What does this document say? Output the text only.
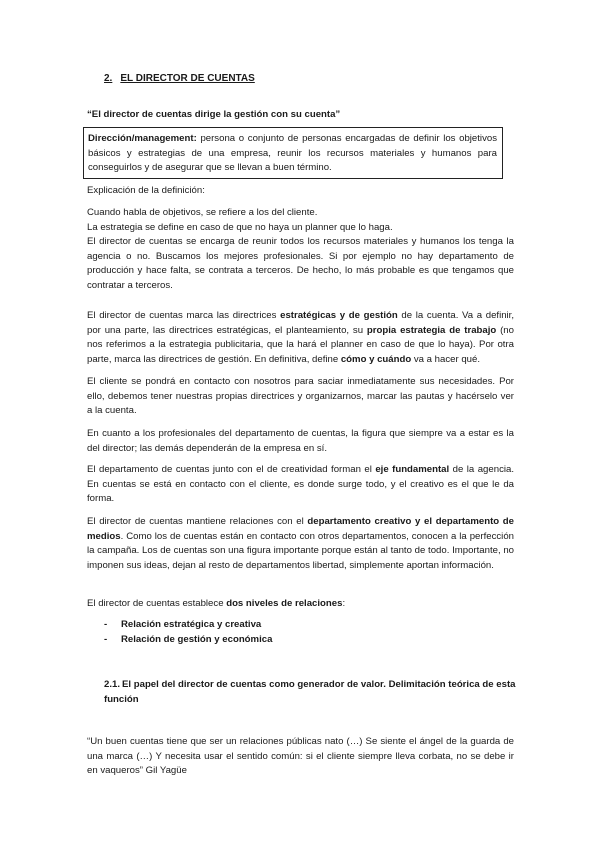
2. EL DIRECTOR DE CUENTAS
“El director de cuentas dirige la gestión con su cuenta”
Dirección/management: persona o conjunto de personas encargadas de definir los objetivos básicos y estrategias de una empresa, reunir los recursos materiales y humanos para conseguirlos y de asegurar que se llevan a buen término.

Explicación de la definición:

Cuando habla de objetivos, se refiere a los del cliente.
La estrategia se define en caso de que no haya un planner que lo haga.
El director de cuentas se encarga de reunir todos los recursos materiales y humanos los tenga la agencia o no. Buscamos los mejores profesionales. Si por ejemplo no hay departamento de producción y hace falta, se contrata a terceros. De hecho, lo más probable es que tengamos que contratar a terceros.
El director de cuentas marca las directrices estratégicas y de gestión de la cuenta. Va a definir, por una parte, las directrices estratégicas, el planteamiento, su propia estrategia de trabajo (no nos referimos a la estrategia publicitaria, que la hará el planner en caso de que lo haya). Por otra parte, marca las directrices de gestión. En definitiva, define cómo y cuándo va a hacer qué.
El cliente se pondrá en contacto con nosotros para saciar inmediatamente sus necesidades. Por ello, debemos tener nuestras propias directrices y organizarnos, marcar las pautas y hacérselo ver a la cuenta.
En cuanto a los profesionales del departamento de cuentas, la figura que siempre va a estar es la del director; las demás dependerán de la empresa en sí.
El departamento de cuentas junto con el de creatividad forman el eje fundamental de la agencia. En cuentas se está en contacto con el cliente, es donde surge todo, y el creativo es el que le da forma.
El director de cuentas mantiene relaciones con el departamento creativo y el departamento de medios. Como los de cuentas están en contacto con otros departamentos, conocen a la perfección la campaña. Los de cuentas son una figura importante porque están al tanto de todo. Importante, no imponen sus ideas, dejan al resto de departamentos libertad, simplemente aportan información.
El director de cuentas establece dos niveles de relaciones:
- Relación estratégica y creativa
- Relación de gestión y económica
2.1. El papel del director de cuentas como generador de valor. Delimitación teórica de esta función
“Un buen cuentas tiene que ser un relaciones públicas nato (…) Se siente el ángel de la guarda de una marca (…) Y necesita usar el sentido común: si el cliente siempre lleva corbata, no se debe ir en vaqueros” Gil Yagüe
